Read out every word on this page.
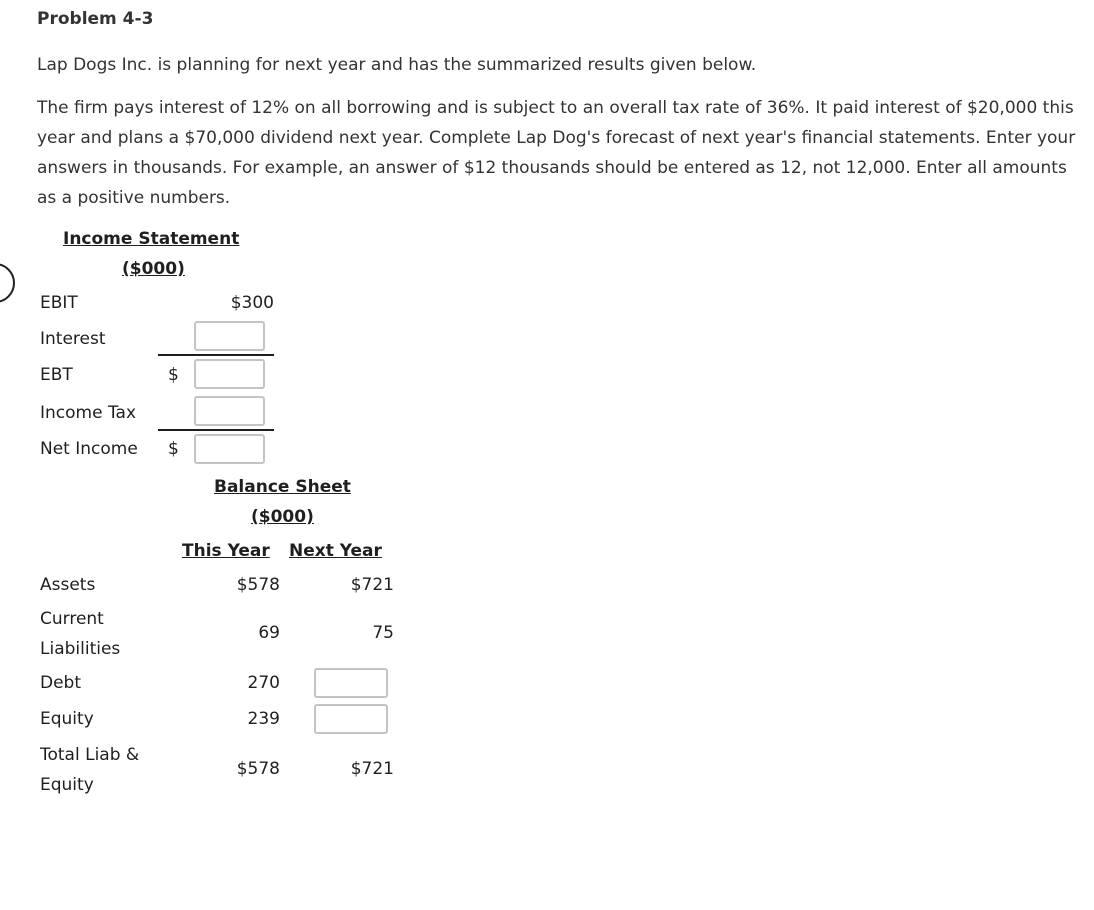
Problem 4-3
Lap Dogs Inc. is planning for next year and has the summarized results given below.
The firm pays interest of 12% on all borrowing and is subject to an overall tax rate of 36%. It paid interest of $20,000 this year and plans a $70,000 dividend next year. Complete Lap Dog's forecast of next year's financial statements. Enter your answers in thousands. For example, an answer of $12 thousands should be entered as 12, not 12,000. Enter all amounts as a positive numbers.
Income Statement
($000)
EBIT	$300
Interest
EBT	$
Income Tax
Net Income $
Balance Sheet
($000)
This Year Next Year
Assets	$578	$721
Current
Liabilities
69	75
Debt	270
Equity	239
Total Liab &
Equity
$578	$721
